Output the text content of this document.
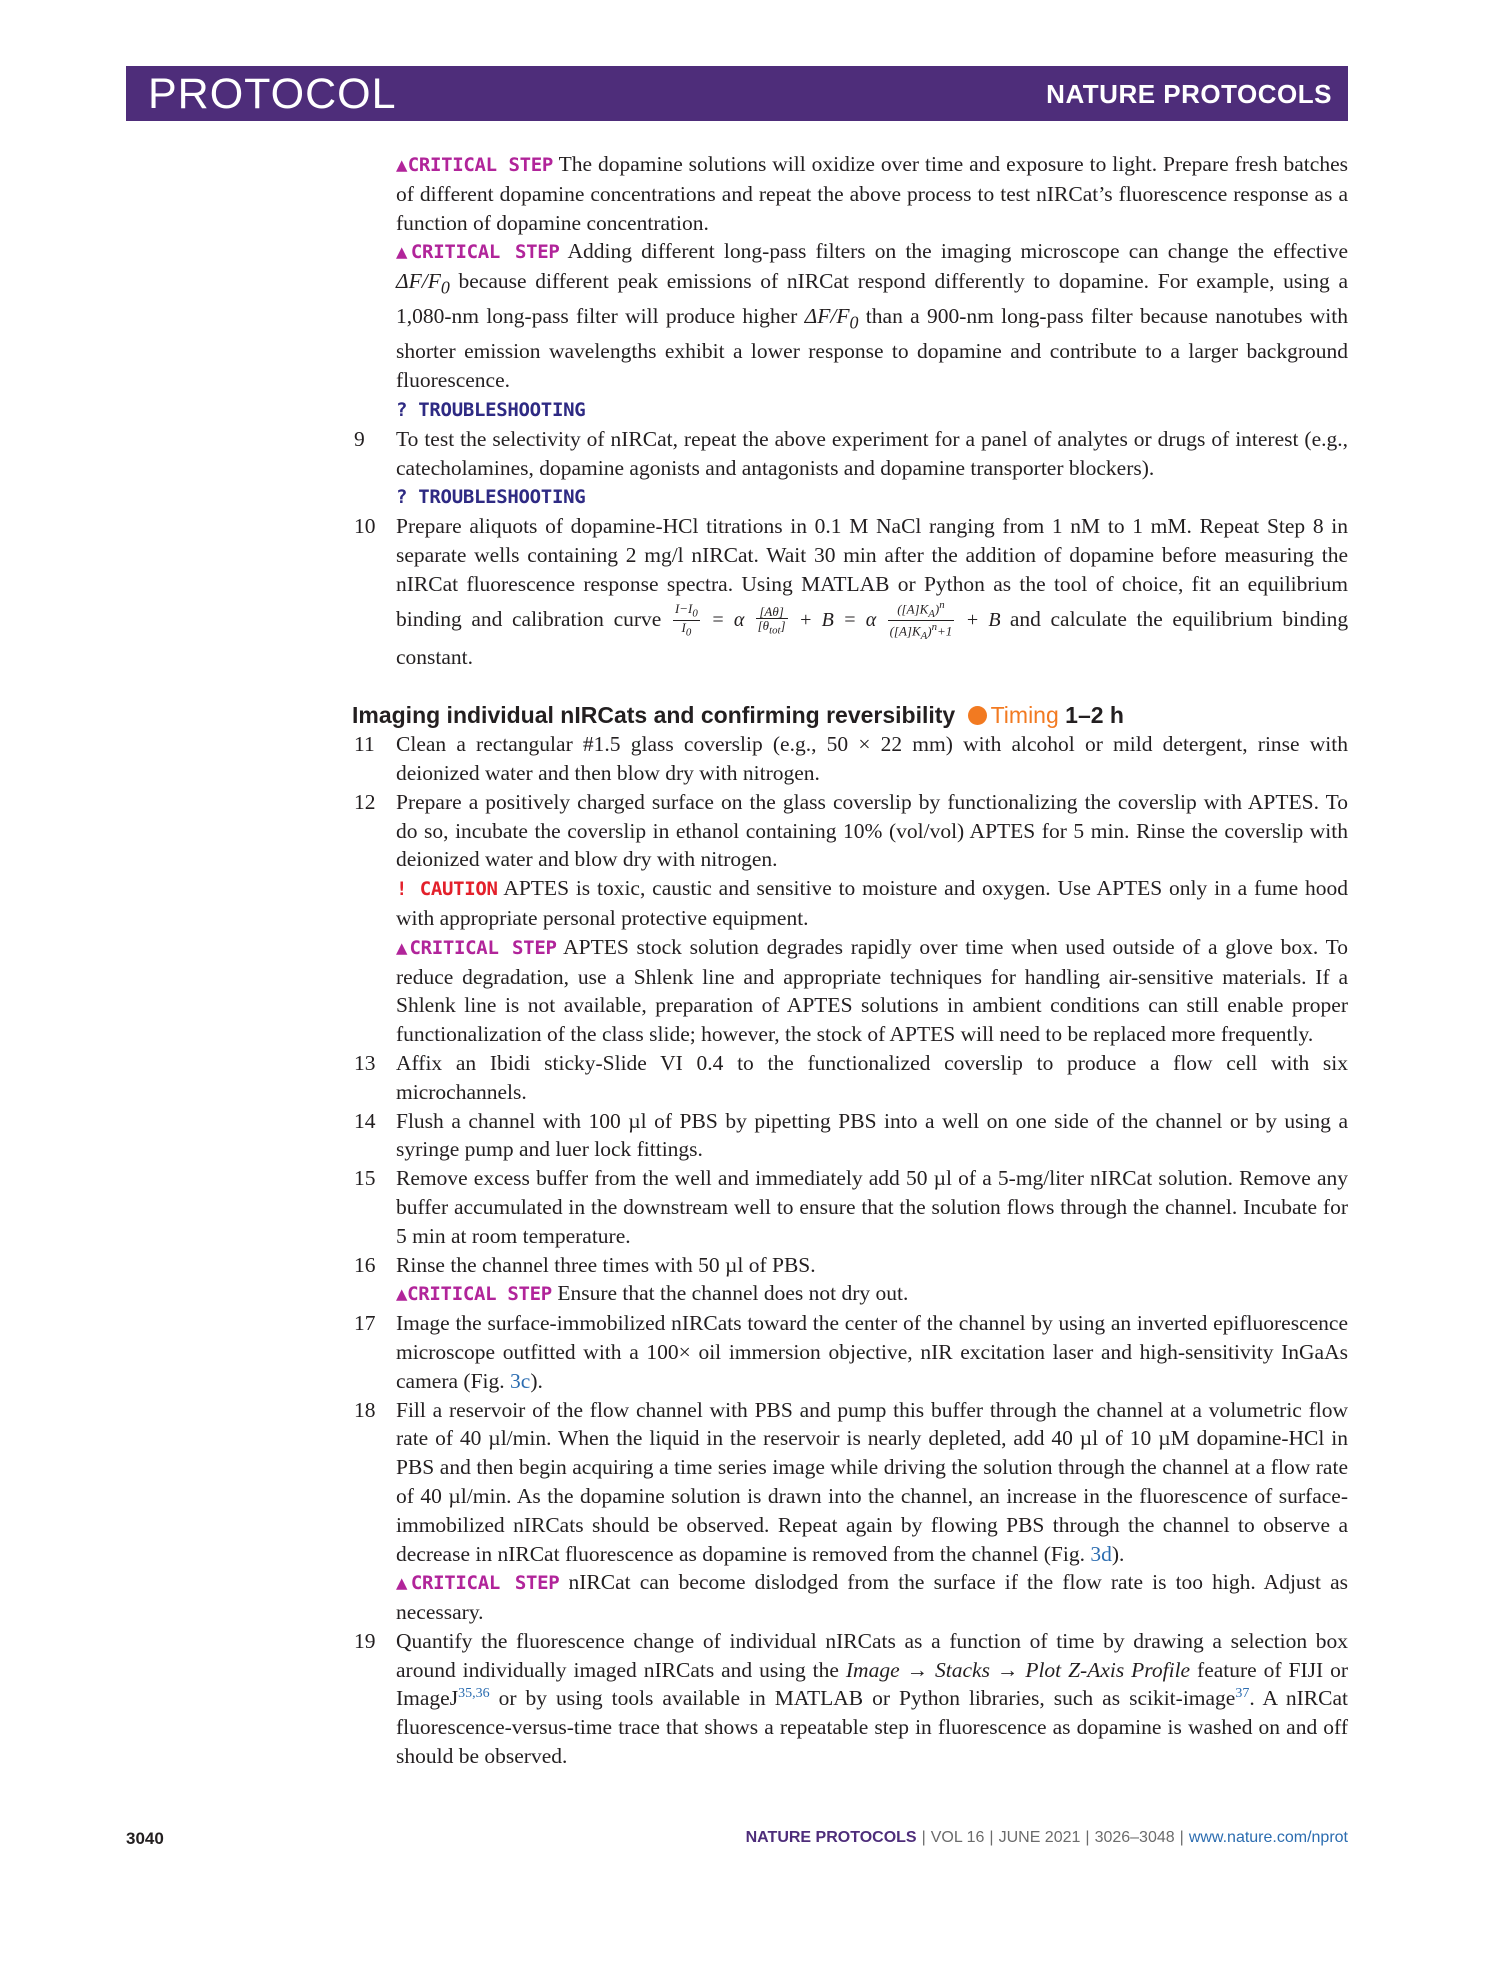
PROTOCOL	NATURE PROTOCOLS

▲CRITICAL STEP The dopamine solutions will oxidize over time and exposure to light. Prepare fresh batches of different dopamine concentrations and repeat the above process to test nIRCat’s fluorescence response as a function of dopamine concentration.

▲CRITICAL STEP Adding different long-pass filters on the imaging microscope can change the effective $\Delta F/F_0$ because different peak emissions of nIRCat respond differently to dopamine. For example, using a 1,080-nm long-pass filter will produce higher $\Delta F/F_0$ than a 900-nm long-pass filter because nanotubes with shorter emission wavelengths exhibit a lower response to dopamine and contribute to a larger background fluorescence.

? TROUBLESHOOTING

9	To test the selectivity of nIRCat, repeat the above experiment for a panel of analytes or drugs of interest (e.g., catecholamines, dopamine agonists and antagonists and dopamine transporter blockers).

? TROUBLESHOOTING

10 Prepare aliquots of dopamine-HCl titrations in 0.1 M NaCl ranging from 1 nM to 1 mM. Repeat Step 8 in separate wells containing 2 mg/l nIRCat. Wait 30 min after the addition of dopamine before measuring the nIRCat fluorescence response spectra. Using MATLAB or Python as the tool of choice, fit an equilibrium binding and calibration curve $\frac{I-I_0}{I_0} = \alpha \frac{[A\theta]}{[\theta_{tot}]} + B = \alpha \frac{([A]K_A)^n}{([A]K_A)^n+1} + B$ and calculate the equilibrium binding constant.

Imaging individual nIRCats and confirming reversibility Timing 1–2 h
11 Clean a rectangular #1.5 glass coverslip (e.g., 50 × 22 mm) with alcohol or mild detergent, rinse with deionized water and then blow dry with nitrogen.

12 Prepare a positively charged surface on the glass coverslip by functionalizing the coverslip with APTES. To do so, incubate the coverslip in ethanol containing 10% (vol/vol) APTES for 5 min. Rinse the coverslip with deionized water and blow dry with nitrogen.

! CAUTION APTES is toxic, caustic and sensitive to moisture and oxygen. Use APTES only in a fume hood with appropriate personal protective equipment.

▲CRITICAL STEP APTES stock solution degrades rapidly over time when used outside of a glove box. To reduce degradation, use a Shlenk line and appropriate techniques for handling air-sensitive materials. If a Shlenk line is not available, preparation of APTES solutions in ambient conditions can still enable proper functionalization of the class slide; however, the stock of APTES will need to be replaced more frequently.

13 Affix an Ibidi sticky-Slide VI 0.4 to the functionalized coverslip to produce a flow cell with six microchannels.

14 Flush a channel with 100 µl of PBS by pipetting PBS into a well on one side of the channel or by using a syringe pump and luer lock fittings.

15 Remove excess buffer from the well and immediately add 50 µl of a 5-mg/liter nIRCat solution. Remove any buffer accumulated in the downstream well to ensure that the solution flows through the channel. Incubate for 5 min at room temperature.

16 Rinse the channel three times with 50 µl of PBS.

▲CRITICAL STEP Ensure that the channel does not dry out.

17 Image the surface-immobilized nIRCats toward the center of the channel by using an inverted epifluorescence microscope outfitted with a 100× oil immersion objective, nIR excitation laser and high-sensitivity InGaAs camera (Fig. 3c).

18 Fill a reservoir of the flow channel with PBS and pump this buffer through the channel at a volumetric flow rate of 40 µl/min. When the liquid in the reservoir is nearly depleted, add 40 µl of 10 µM dopamine-HCl in PBS and then begin acquiring a time series image while driving the solution through the channel at a flow rate of 40 µl/min. As the dopamine solution is drawn into the channel, an increase in the fluorescence of surface-immobilized nIRCats should be observed. Repeat again by flowing PBS through the channel to observe a decrease in nIRCat fluorescence as dopamine is removed from the channel (Fig. 3d).

▲CRITICAL STEP nIRCat can become dislodged from the surface if the flow rate is too high. Adjust as necessary.

19 Quantify the fluorescence change of individual nIRCats as a function of time by drawing a selection box around individually imaged nIRCats and using the Image → Stacks → Plot Z-Axis Profile feature of FIJI or ImageJ$^{35,36}$ or by using tools available in MATLAB or Python libraries, such as scikit-image$^{37}$. A nIRCat fluorescence-versus-time trace that shows a repeatable step in fluorescence as dopamine is washed on and off should be observed.

3040	NATURE PROTOCOLS | VOL 16 | JUNE 2021 | 3026–3048 | www.nature.com/nprot
